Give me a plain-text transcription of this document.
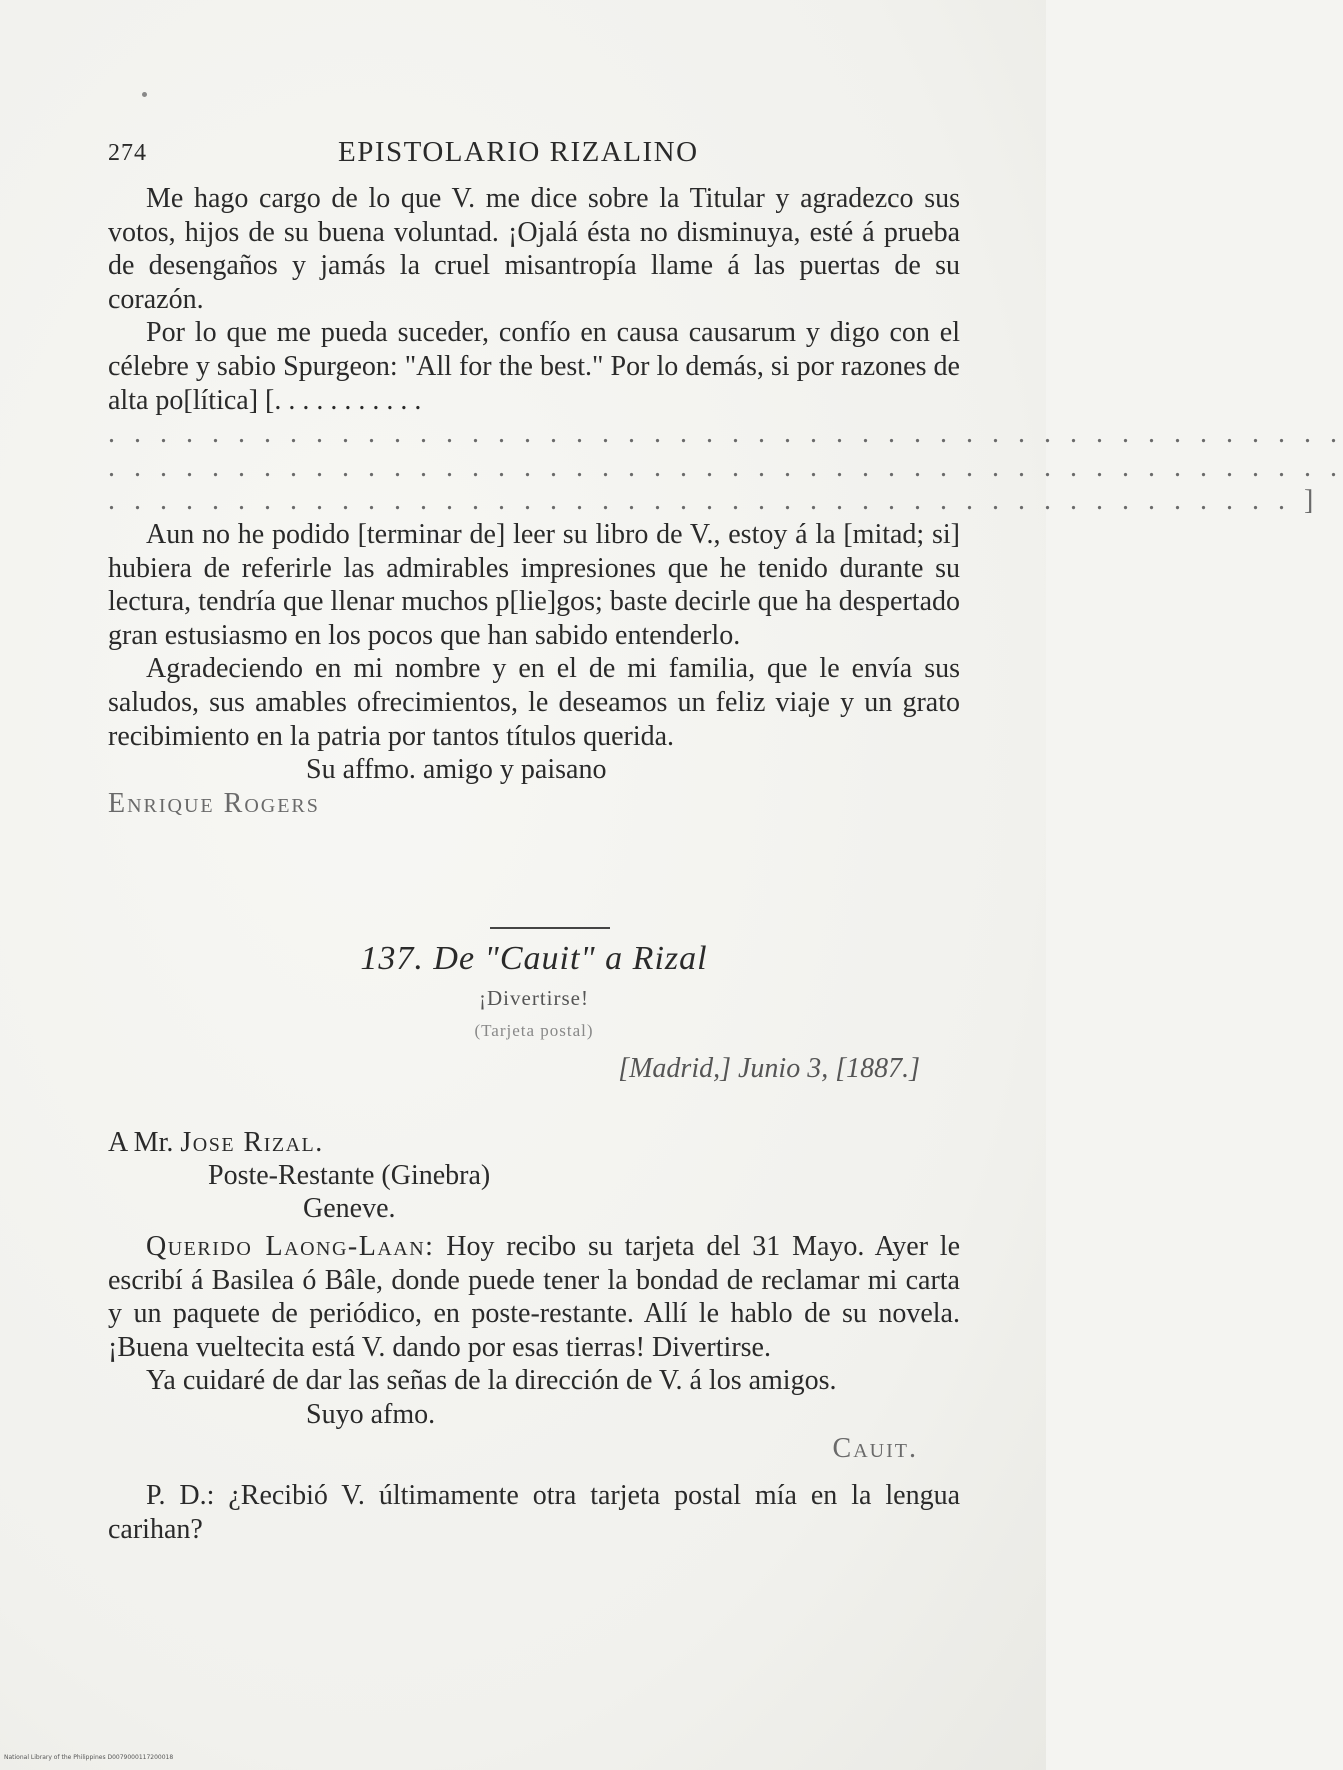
274	EPISTOLARIO RIZALINO

Me hago cargo de lo que V. me dice sobre la Titular y agradezco sus votos, hijos de su buena voluntad. ¡Ojalá ésta no disminuya, esté á prueba de desengaños y jamás la cruel misantropía llame á las puertas de su corazón.

Por lo que me pueda suceder, confío en causa causarum y digo con el célebre y sabio Spurgeon: "All for the best." Por lo demás, si por razones de alta po[lítica] [. . . . . . . . . . .

. . . . . . . . . . . . . . . . . . . . . . . . . . . . . . . . . . . . . . . . . . . . . . . .

. . . . . . . . . . . . . . . . . . . . . . . . . . . . . . . . . . . . . . . . . . . . . . . .

. . . . . . . . . . . . . . . . . . . . . . . . . . . . . . . . . . . . . . . . . . . . . . ]

Aun no he podido [terminar de] leer su libro de V., estoy á la [mitad; si] hubiera de referirle las admirables impresiones que he tenido durante su lectura, tendría que llenar muchos p[lie]gos; baste decirle que ha despertado gran estusiasmo en los pocos que han sabido entenderlo.

Agradeciendo en mi nombre y en el de mi familia, que le envía sus saludos, sus amables ofrecimientos, le deseamos un feliz viaje y un grato recibimiento en la patria por tantos títulos querida.

Su affmo. amigo y paisano

Enrique Rogers

137. De "Cauit" a Rizal

¡Divertirse!

(Tarjeta postal)

[Madrid,] Junio 3, [1887.]

A Mr. Jose Rizal.

Poste-Restante (Ginebra)

Geneve.

Querido Laong-Laan: Hoy recibo su tarjeta del 31 Mayo. Ayer le escribí á Basilea ó Bâle, donde puede tener la bondad de reclamar mi carta y un paquete de periódico, en poste-restante. Allí le hablo de su novela. ¡Buena vueltecita está V. dando por esas tierras! Divertirse.

Ya cuidaré de dar las señas de la dirección de V. á los amigos.

Suyo afmo.

Cauit.

P. D.: ¿Recibió V. últimamente otra tarjeta postal mía en la lengua carihan?

National Library of the Philippines D0079000117200018
